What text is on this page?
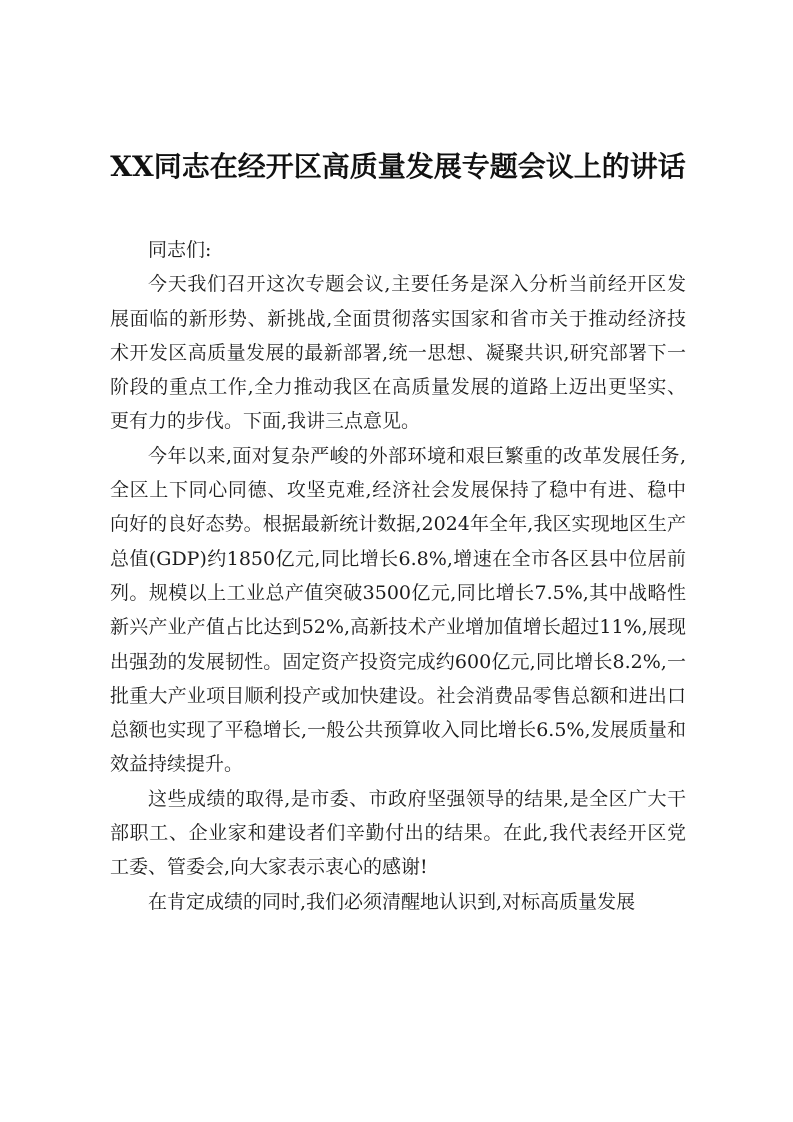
XX同志在经开区高质量发展专题会议上的讲话

同志们:

今天我们召开这次专题会议,主要任务是深入分析当前经开区发展面临的新形势、新挑战,全面贯彻落实国家和省市关于推动经济技术开发区高质量发展的最新部署,统一思想、凝聚共识,研究部署下一阶段的重点工作,全力推动我区在高质量发展的道路上迈出更坚实、更有力的步伐。下面,我讲三点意见。

今年以来,面对复杂严峻的外部环境和艰巨繁重的改革发展任务,全区上下同心同德、攻坚克难,经济社会发展保持了稳中有进、稳中向好的良好态势。根据最新统计数据,2024年全年,我区实现地区生产总值(GDP)约1850亿元,同比增长6.8%,增速在全市各区县中位居前列。规模以上工业总产值突破3500亿元,同比增长7.5%,其中战略性新兴产业产值占比达到52%,高新技术产业增加值增长超过11%,展现出强劲的发展韧性。固定资产投资完成约600亿元,同比增长8.2%,一批重大产业项目顺利投产或加快建设。社会消费品零售总额和进出口总额也实现了平稳增长,一般公共预算收入同比增长6.5%,发展质量和效益持续提升。

这些成绩的取得,是市委、市政府坚强领导的结果,是全区广大干部职工、企业家和建设者们辛勤付出的结果。在此,我代表经开区党工委、管委会,向大家表示衷心的感谢!

在肯定成绩的同时,我们必须清醒地认识到,对标高质量发展
